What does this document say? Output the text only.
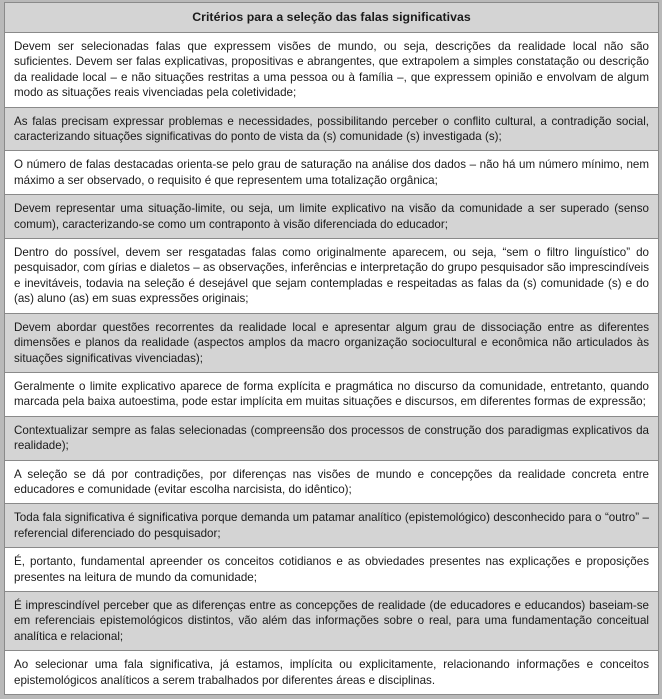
Critérios para a seleção das falas significativas

Devem ser selecionadas falas que expressem visões de mundo, ou seja, descrições da realidade local não são suficientes. Devem ser falas explicativas, propositivas e abrangentes, que extrapolem a simples constatação ou descrição da realidade local – e não situações restritas a uma pessoa ou à família –, que expressem opinião e envolvam de algum modo as situações reais vivenciadas pela coletividade;

As falas precisam expressar problemas e necessidades, possibilitando perceber o conflito cultural, a contradição social, caracterizando situações significativas do ponto de vista da (s) comunidade (s) investigada (s);

O número de falas destacadas orienta-se pelo grau de saturação na análise dos dados – não há um número mínimo, nem máximo a ser observado, o requisito é que representem uma totalização orgânica;

Devem representar uma situação-limite, ou seja, um limite explicativo na visão da comunidade a ser superado (senso comum), caracterizando-se como um contraponto à visão diferenciada do educador;

Dentro do possível, devem ser resgatadas falas como originalmente aparecem, ou seja, “sem o filtro linguístico” do pesquisador, com gírias e dialetos – as observações, inferências e interpretação do grupo pesquisador são imprescindíveis e inevitáveis, todavia na seleção é desejável que sejam contempladas e respeitadas as falas da (s) comunidade (s) e do (as) aluno (as) em suas expressões originais;

Devem abordar questões recorrentes da realidade local e apresentar algum grau de dissociação entre as diferentes dimensões e planos da realidade (aspectos amplos da macro organização sociocultural e econômica não articulados às situações significativas vivenciadas);

Geralmente o limite explicativo aparece de forma explícita e pragmática no discurso da comunidade, entretanto, quando marcada pela baixa autoestima, pode estar implícita em muitas situações e discursos, em diferentes formas de expressão;

Contextualizar sempre as falas selecionadas (compreensão dos processos de construção dos paradigmas explicativos da realidade);

A seleção se dá por contradições, por diferenças nas visões de mundo e concepções da realidade concreta entre educadores e comunidade (evitar escolha narcisista, do idêntico);

Toda fala significativa é significativa porque demanda um patamar analítico (epistemológico) desconhecido para o “outro” – referencial diferenciado do pesquisador;

É, portanto, fundamental apreender os conceitos cotidianos e as obviedades presentes nas explicações e proposições presentes na leitura de mundo da comunidade;

É imprescindível perceber que as diferenças entre as concepções de realidade (de educadores e educandos) baseiam-se em referenciais epistemológicos distintos, vão além das informações sobre o real, para uma fundamentação conceitual analítica e relacional;

Ao selecionar uma fala significativa, já estamos, implícita ou explicitamente, relacionando informações e conceitos epistemológicos analíticos a serem trabalhados por diferentes áreas e disciplinas.
